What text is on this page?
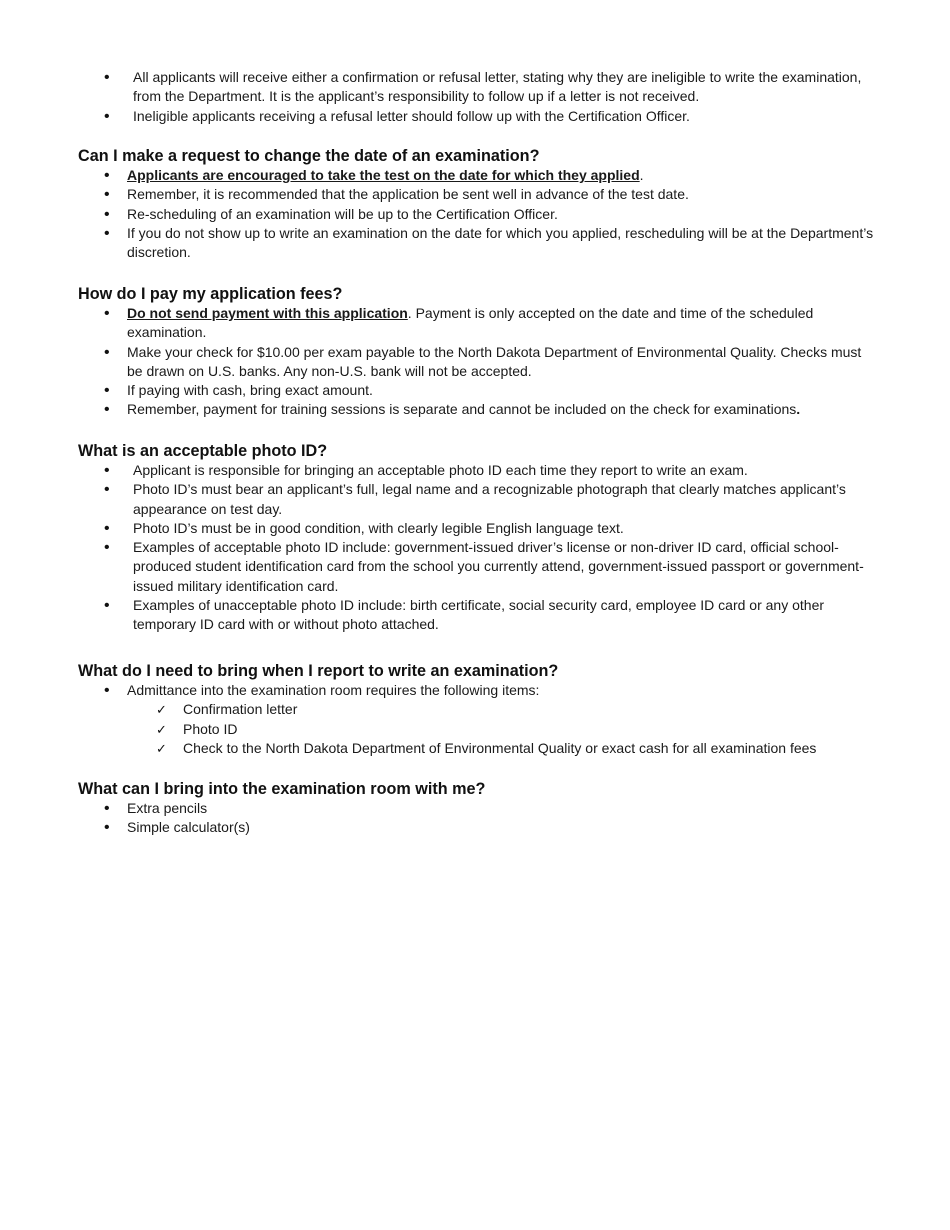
• All applicants will receive either a confirmation or refusal letter, stating why they are ineligible to write the examination, from the Department. It is the applicant’s responsibility to follow up if a letter is not received.
• Ineligible applicants receiving a refusal letter should follow up with the Certification Officer.
Can I make a request to change the date of an examination?
• Applicants are encouraged to take the test on the date for which they applied.
• Remember, it is recommended that the application be sent well in advance of the test date.
• Re-scheduling of an examination will be up to the Certification Officer.
• If you do not show up to write an examination on the date for which you applied, rescheduling will be at the Department’s discretion.
How do I pay my application fees?
• Do not send payment with this application. Payment is only accepted on the date and time of the scheduled examination.
• Make your check for $10.00 per exam payable to the North Dakota Department of Environmental Quality. Checks must be drawn on U.S. banks. Any non-U.S. bank will not be accepted.
• If paying with cash, bring exact amount.
• Remember, payment for training sessions is separate and cannot be included on the check for examinations.
What is an acceptable photo ID?
• Applicant is responsible for bringing an acceptable photo ID each time they report to write an exam.
• Photo ID’s must bear an applicant’s full, legal name and a recognizable photograph that clearly matches applicant’s appearance on test day.
• Photo ID’s must be in good condition, with clearly legible English language text.
• Examples of acceptable photo ID include: government-issued driver’s license or non-driver ID card, official school-produced student identification card from the school you currently attend, government-issued passport or government-issued military identification card.
• Examples of unacceptable photo ID include: birth certificate, social security card, employee ID card or any other temporary ID card with or without photo attached.
What do I need to bring when I report to write an examination?
• Admittance into the examination room requires the following items:
✓ Confirmation letter
✓ Photo ID
✓ Check to the North Dakota Department of Environmental Quality or exact cash for all examination fees
What can I bring into the examination room with me?
• Extra pencils
• Simple calculator(s)
